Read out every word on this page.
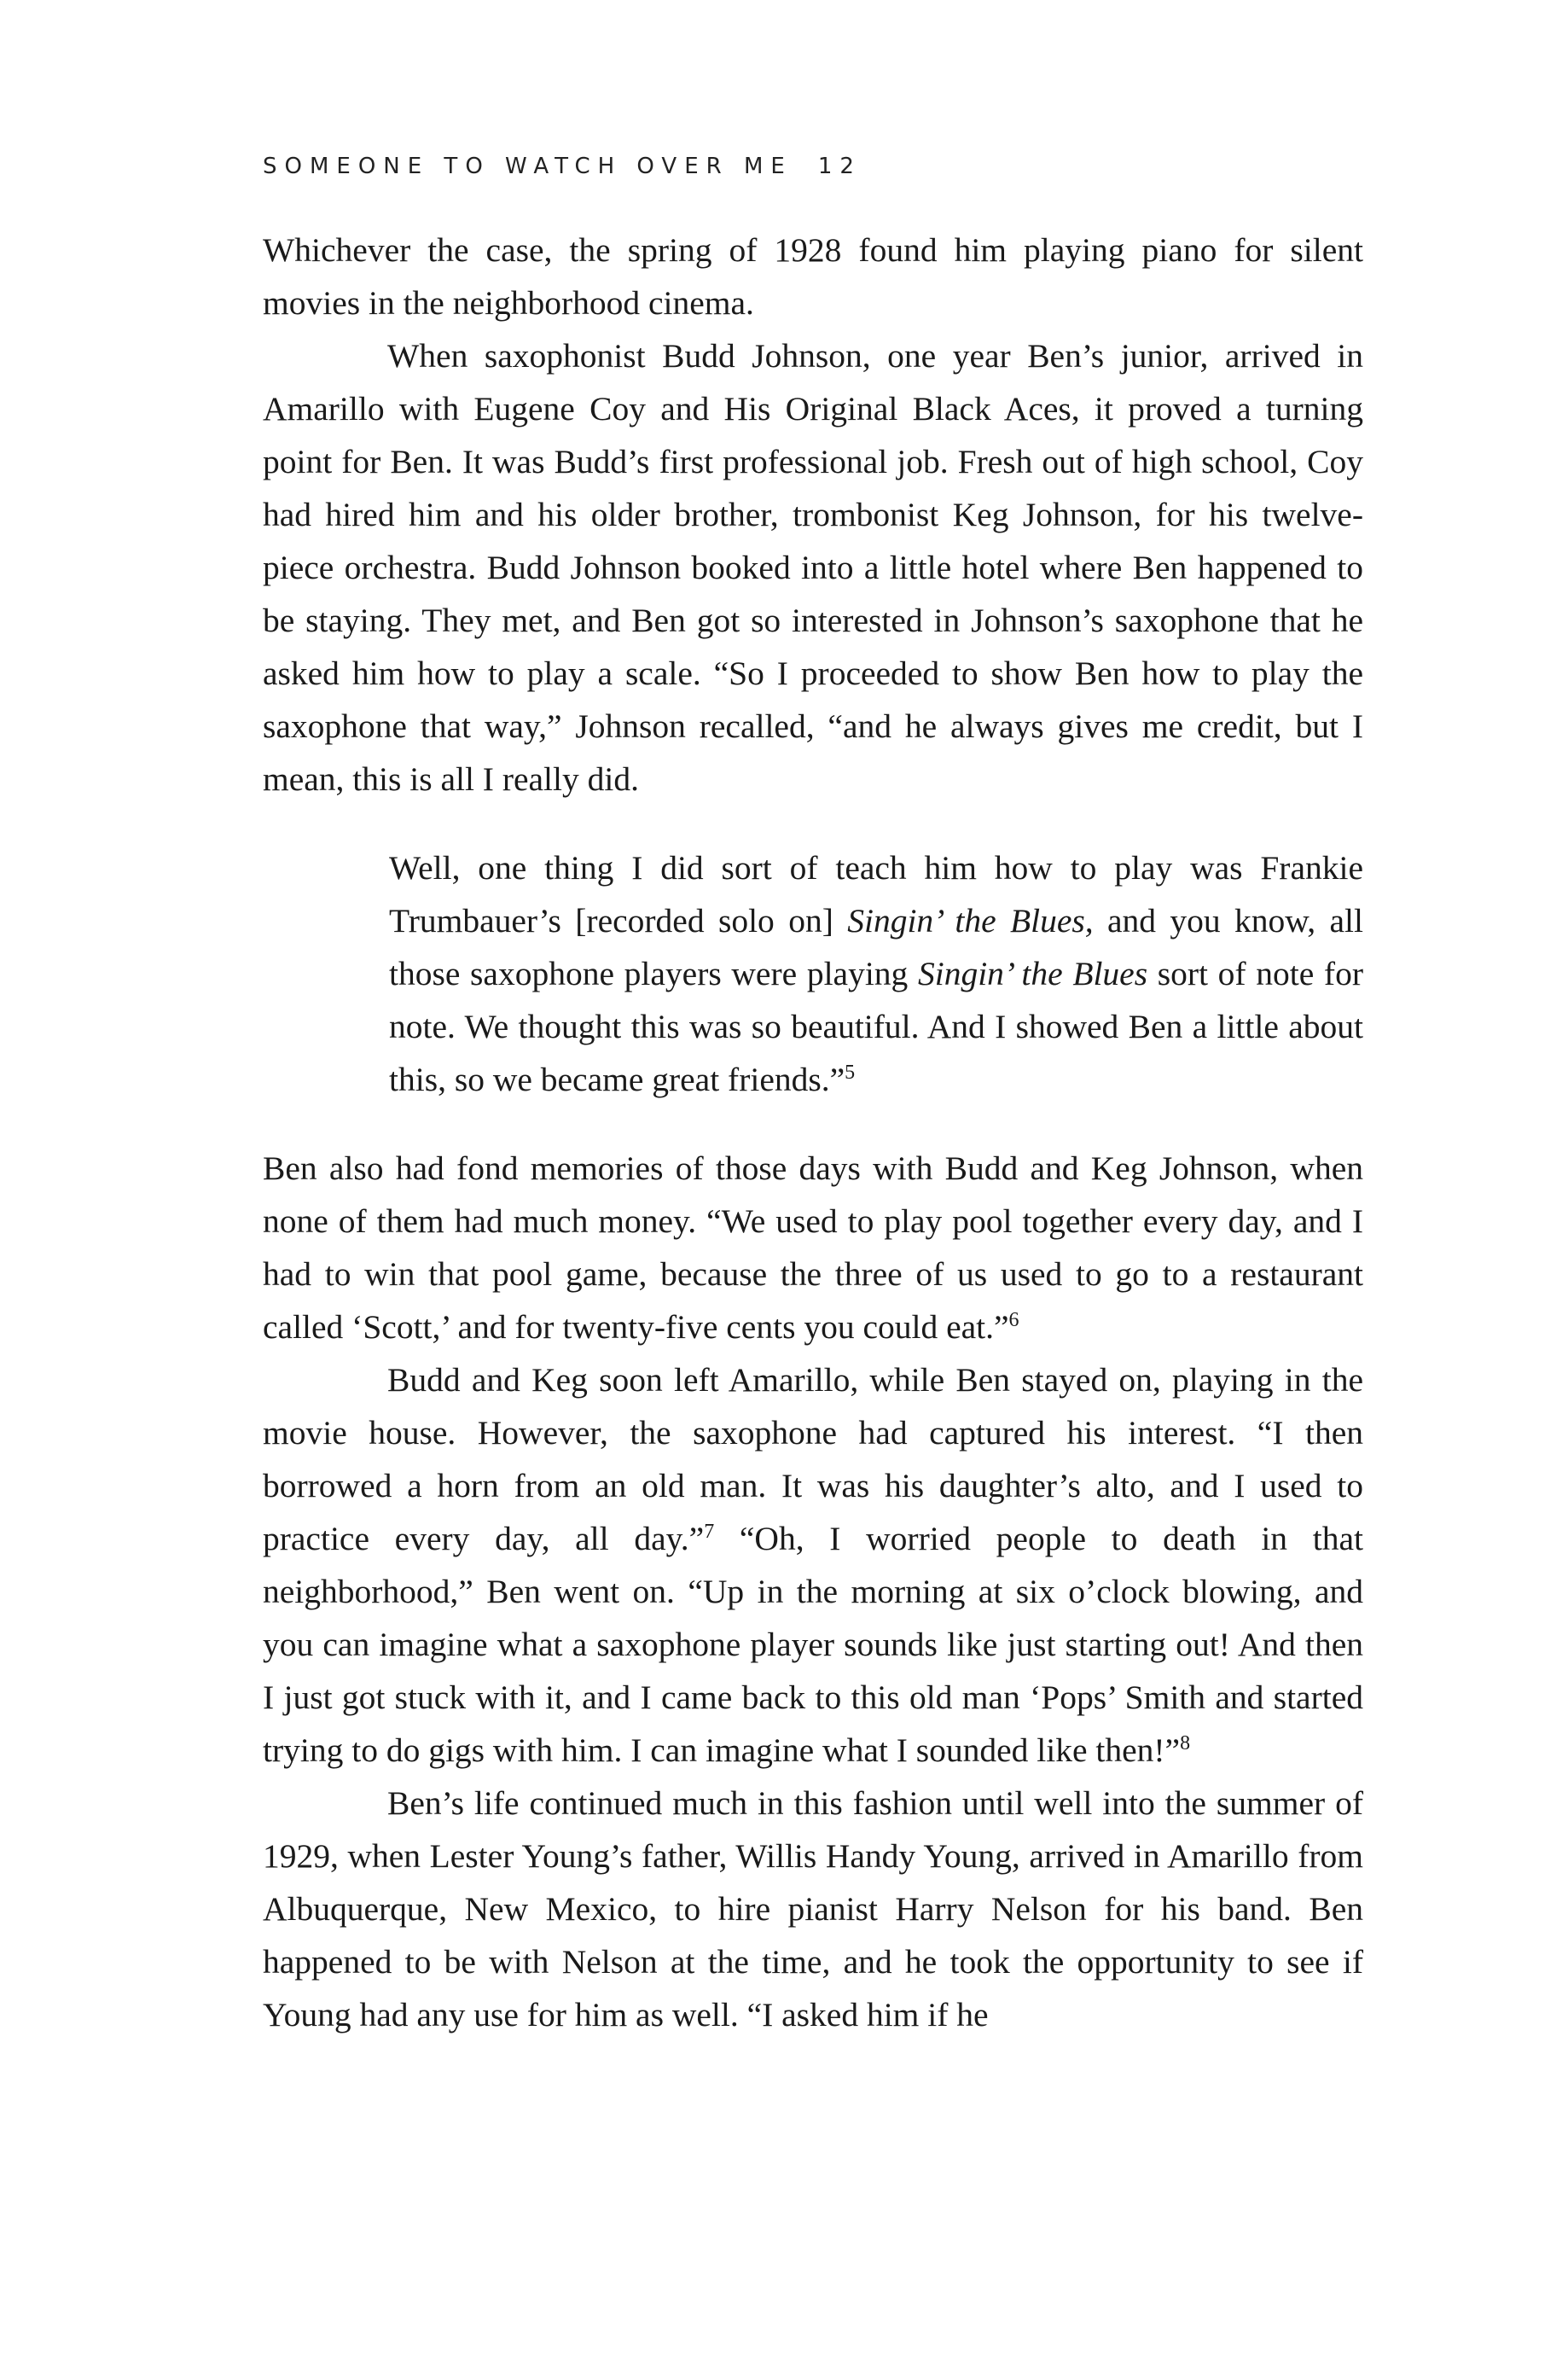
SOMEONE TO WATCH OVER ME 12

Whichever the case, the spring of 1928 found him playing piano for silent movies in the neighborhood cinema.

When saxophonist Budd Johnson, one year Ben’s junior, arrived in Amarillo with Eugene Coy and His Original Black Aces, it proved a turning point for Ben. It was Budd’s first professional job. Fresh out of high school, Coy had hired him and his older brother, trombonist Keg Johnson, for his twelve-piece orchestra. Budd Johnson booked into a little hotel where Ben happened to be staying. They met, and Ben got so interested in Johnson’s saxophone that he asked him how to play a scale. “So I proceeded to show Ben how to play the saxophone that way,” Johnson recalled, “and he always gives me credit, but I mean, this is all I really did.

Well, one thing I did sort of teach him how to play was Frankie Trumbauer’s [recorded solo on] Singin’ the Blues, and you know, all those saxophone players were playing Singin’ the Blues sort of note for note. We thought this was so beautiful. And I showed Ben a little about this, so we became great friends.”$^5$

Ben also had fond memories of those days with Budd and Keg Johnson, when none of them had much money. “We used to play pool together every day, and I had to win that pool game, because the three of us used to go to a restaurant called ‘Scott,’ and for twenty-five cents you could eat.”$^6$

Budd and Keg soon left Amarillo, while Ben stayed on, playing in the movie house. However, the saxophone had captured his interest. “I then borrowed a horn from an old man. It was his daughter’s alto, and I used to practice every day, all day.”$^7$ “Oh, I worried people to death in that neighborhood,” Ben went on. “Up in the morning at six o’clock blowing, and you can imagine what a saxophone player sounds like just starting out! And then I just got stuck with it, and I came back to this old man ‘Pops’ Smith and started trying to do gigs with him. I can imagine what I sounded like then!”$^8$

Ben’s life continued much in this fashion until well into the summer of 1929, when Lester Young’s father, Willis Handy Young, arrived in Amarillo from Albuquerque, New Mexico, to hire pianist Harry Nelson for his band. Ben happened to be with Nelson at the time, and he took the opportunity to see if Young had any use for him as well. “I asked him if he
